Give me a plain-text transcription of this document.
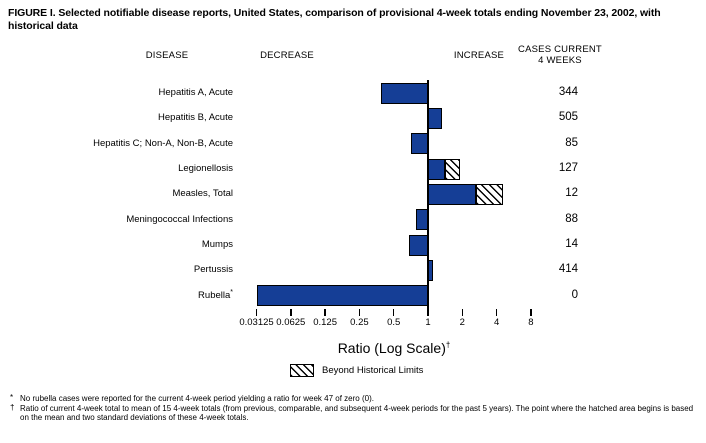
FIGURE I. Selected notifiable disease reports, United States, comparison of provisional 4-week totals ending November 23, 2002, with historical data
DISEASE	DECREASE	INCREASE
CASES CURRENT
4 WEEKS
Hepatitis A, Acute	344
Hepatitis B, Acute	505
Hepatitis C; Non-A, Non-B, Acute	85
Legionellosis	127
Measles, Total	12
Meningococcal Infections	88
Mumps	14
Pertussis	414
Rubella*	0
0.03125 0.0625 0.125	0.25	0.5	1	2	4	8
Ratio (Log Scale)†
Beyond Historical Limits
* No rubella cases were reported for the current 4-week period yielding a ratio for week 47 of zero (0).
† Ratio of current 4-week total to mean of 15 4-week totals (from previous, comparable, and subsequent 4-week periods for the past 5 years). The point where the hatched area begins is based on the mean and two standard deviations of these 4-week totals.
